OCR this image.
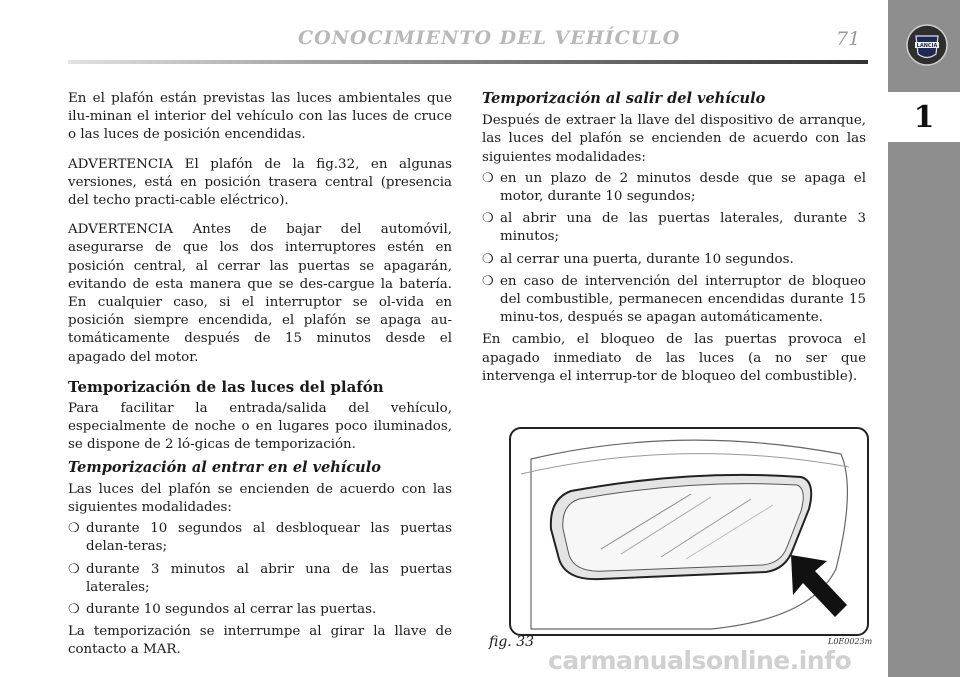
CONOCIMIENTO DEL VEHÍCULO	71	LANCIA
1

En el plafón están previstas las luces ambientales que ilu-minan el interior del vehículo con las luces de cruce o las luces de posición encendidas.

ADVERTENCIA El plafón de la fig.32, en algunas versiones, está en posición trasera central (presencia del techo practi-cable eléctrico).

ADVERTENCIA Antes de bajar del automóvil, asegurarse de que los dos interruptores estén en posición central, al cerrar las puertas se apagarán, evitando de esta manera que se des-cargue la batería. En cualquier caso, si el interruptor se ol-vida en posición siempre encendida, el plafón se apaga au-tomáticamente después de 15 minutos desde el apagado del motor.

Temporización de las luces del plafón

Para facilitar la entrada/salida del vehículo, especialmente de noche o en lugares poco iluminados, se dispone de 2 ló-gicas de temporización.

Temporización al entrar en el vehículo

Las luces del plafón se encienden de acuerdo con las siguientes modalidades:

❍ durante 10 segundos al desbloquear las puertas delan-teras;
❍ durante 3 minutos al abrir una de las puertas laterales;
❍ durante 10 segundos al cerrar las puertas.

La temporización se interrumpe al girar la llave de contacto a MAR.

Temporización al salir del vehículo

Después de extraer la llave del dispositivo de arranque, las luces del plafón se encienden de acuerdo con las siguientes modalidades:

❍ en un plazo de 2 minutos desde que se apaga el motor, durante 10 segundos;
❍ al abrir una de las puertas laterales, durante 3 minutos;
❍ al cerrar una puerta, durante 10 segundos.
❍ en caso de intervención del interruptor de bloqueo del combustible, permanecen encendidas durante 15 minu-tos, después se apagan automáticamente.

En cambio, el bloqueo de las puertas provoca el apagado inmediato de las luces (a no ser que intervenga el interrup-tor de bloqueo del combustible).

fig. 33	L0E0023m
carmanualsonline.info
